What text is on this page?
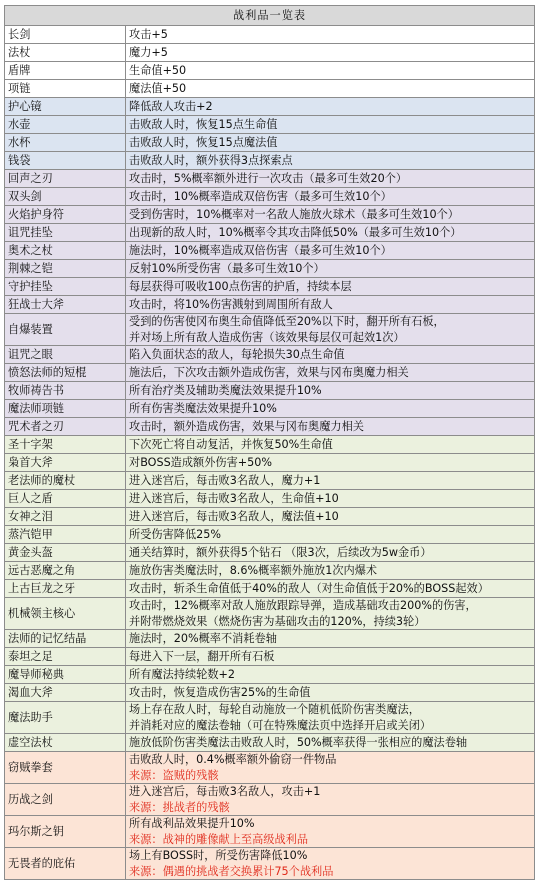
战利品一览表	
长剑	攻击+5

法杖	魔力+5

盾牌	生命值+50

项链	魔法值+50

护心镜	降低敌人攻击+2

水壶	击败敌人时，恢复15点生命值

水杯	击败敌人时，恢复15点魔法值

钱袋	击败敌人时，额外获得3点探索点

回声之刃	攻击时，5%概率额外进行一次攻击（最多可生效20个）

双头剑	攻击时，10%概率造成双倍伤害（最多可生效10个）

火焰护身符	受到伤害时，10%概率对一名敌人施放火球术（最多可生效10个）

诅咒挂坠	出现新的敌人时，10%概率令其攻击降低50%（最多可生效10个）

奥术之杖	施法时，10%概率造成双倍伤害（最多可生效10个）

荆棘之铠	反射10%所受伤害（最多可生效10个）

守护挂坠	每层获得可吸收100点伤害的护盾，持续本层

狂战士大斧	攻击时，将10%伤害溅射到周围所有敌人

自爆装置	受到的伤害使冈布奥生命值降低至20%以下时，翻开所有石板，
并对场上所有敌人造成伤害（该效果每层仅可起效1次）

诅咒之眼	陷入负面状态的敌人，每轮损失30点生命值

愤怒法师的短棍	施法后，下次攻击额外造成伤害，效果与冈布奥魔力相关

牧师祷告书	所有治疗类及辅助类魔法效果提升10%

魔法师项链	所有伤害类魔法效果提升10%

咒术者之刃	攻击时，额外造成伤害，效果与冈布奥魔力相关

圣十字架	下次死亡将自动复活，并恢复50%生命值

枭首大斧	对BOSS造成额外伤害+50%

老法师的魔杖	进入迷宫后，每击败3名敌人，魔力+1

巨人之盾	进入迷宫后，每击败3名敌人，生命值+10

女神之泪	进入迷宫后，每击败3名敌人，魔法值+10

蒸汽铠甲	所受伤害降低25%

黄金头盔	通关结算时，额外获得5个钻石 （限3次，后续改为5w金币）

远古恶魔之角	施放伤害类魔法时，8.6%概率额外施放1次内爆术

上古巨龙之牙	攻击时，斩杀生命值低于40%的敌人（对生命值低于20%的BOSS起效）

机械领主核心	攻击时，12%概率对敌人施放跟踪导弹，造成基础攻击200%的伤害，
并附带燃烧效果（燃烧伤害为基础攻击的120%，持续3轮）

法师的记忆结晶	施法时，20%概率不消耗卷轴

泰坦之足	每进入下一层，翻开所有石板

魔导师秘典	所有魔法持续轮数+2

渴血大斧	攻击时，恢复造成伤害25%的生命值

魔法助手	场上存在敌人时，每轮自动施放一个随机低阶伤害类魔法，
并消耗对应的魔法卷轴（可在特殊魔法页中选择开启或关闭）

虚空法杖	施放低阶伤害类魔法击败敌人时，50%概率获得一张相应的魔法卷轴

窃贼拳套	击败敌人时，0.4%概率额外偷窃一件物品
来源：盗贼的残骸

历战之剑	进入迷宫后，每击败3名敌人，攻击+1
来源：挑战者的残骸

玛尔斯之钥	所有战利品效果提升10%
来源：战神的雕像献上至高级战利品

无畏者的庇佑	场上有BOSS时，所受伤害降低10%
来源：偶遇的挑战者交换累计75个战利品
